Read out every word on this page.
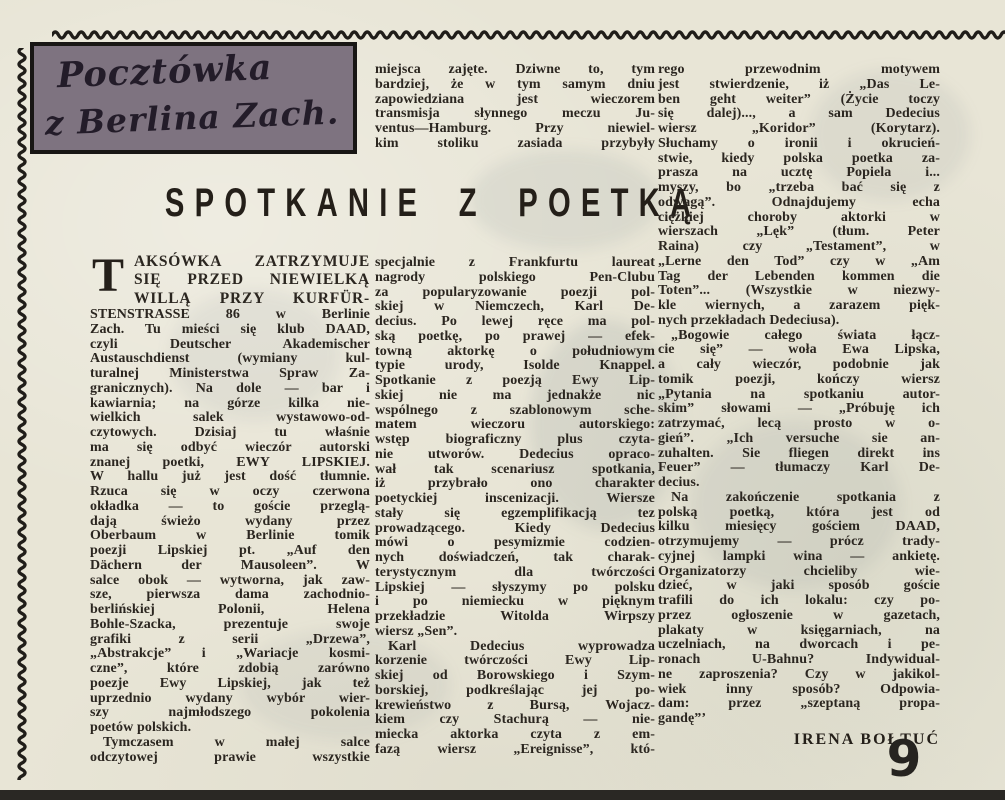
Pocztówka
z Berlina Zach.
SPOTKANIE Z POETKĄ
T AKSÓWKA ZATRZYMUJE
SIĘ PRZED NIEWIELKĄ
WILLĄ PRZY KURFÜR-
STENSTRASSE 86 w Berlinie
Zach. Tu mieści się klub DAAD,
czyli Deutscher Akademischer
Austauschdienst (wymiany kul-
turalnej Ministerstwa Spraw Za-
granicznych). Na dole — bar i
kawiarnia; na górze kilka nie-
wielkich salek wystawowo-od-
czytowych. Dzisiaj tu właśnie
ma się odbyć wieczór autorski
znanej poetki, EWY LIPSKIEJ.
W hallu już jest dość tłumnie.
Rzuca się w oczy czerwona
okładka — to goście przeglą-
dają świeżo wydany przez
Oberbaum w Berlinie tomik
poezji Lipskiej pt. „Auf den
Dächern der Mausoleen”. W
salce obok — wytworna, jak zaw-
sze, pierwsza dama zachodnio-
berlińskiej Polonii, Helena
Bohle-Szacka, prezentuje swoje
grafiki z serii „Drzewa”,
„Abstrakcje” i „Wariacje kosmi-
czne”, które zdobią zarówno
poezje Ewy Lipskiej, jak też
uprzednio wydany wybór wier-
szy najmłodszego pokolenia
poetów polskich.
Tymczasem w małej salce
odczytowej prawie wszystkie
miejsca zajęte. Dziwne to, tym
bardziej, że w tym samym dniu
zapowiedziana jest wieczorem
transmisja słynnego meczu Ju-
ventus—Hamburg. Przy niewiel-
kim stoliku zasiada przybyły
specjalnie z Frankfurtu laureat
nagrody polskiego Pen-Clubu
za popularyzowanie poezji pol-
skiej w Niemczech, Karl De-
decius. Po lewej ręce ma pol-
ską poetkę, po prawej — efek-
towną aktorkę o południowym
typie urody, Isolde Knappel.
Spotkanie z poezją Ewy Lip-
skiej nie ma jednakże nic
wspólnego z szablonowym sche-
matem wieczoru autorskiego:
wstęp biograficzny plus czyta-
nie utworów. Dedecius opraco-
wał tak scenariusz spotkania,
iż przybrało ono charakter
poetyckiej inscenizacji. Wiersze
stały się egzemplifikacją tez
prowadzącego. Kiedy Dedecius
mówi o pesymizmie codzien-
nych doświadczeń, tak charak-
terystycznym dla twórczości
Lipskiej — słyszymy po polsku
i po niemiecku w pięknym
przekładzie Witolda Wirpszy
wiersz „Sen”.
Karl Dedecius wyprowadza
korzenie twórczości Ewy Lip-
skiej od Borowskiego i Szym-
borskiej, podkreślając jej po-
krewieństwo z Bursą, Wojacz-
kiem czy Stachurą — nie-
miecka aktorka czyta z em-
fazą wiersz „Ereignisse”, któ-
rego przewodnim motywem
jest stwierdzenie, iż „Das Le-
ben geht weiter” (Życie toczy
się dalej)..., a sam Dedecius
wiersz „Koridor” (Korytarz).
Słuchamy o ironii i okrucień-
stwie, kiedy polska poetka za-
prasza na ucztę Popiela i...
myszy, bo „trzeba bać się z
odwagą”. Odnajdujemy echa
ciężkiej choroby aktorki w
wierszach „Lęk” (tłum. Peter
Raina) czy „Testament”, w
„Lerne den Tod” czy w „Am
Tag der Lebenden kommen die
Toten”... (Wszystkie w niezwy-
kle wiernych, a zarazem pięk-
nych przekładach Dedeciusa).
„Bogowie całego świata łącz-
cie się” — woła Ewa Lipska,
a cały wieczór, podobnie jak
tomik poezji, kończy wiersz
„Pytania na spotkaniu autor-
skim” słowami — „Próbuję ich
zatrzymać, lecą prosto w o-
gień”. „Ich versuche sie an-
zuhalten. Sie fliegen direkt ins
Feuer” — tłumaczy Karl De-
decius.
Na zakończenie spotkania z
polską poetką, która jest od
kilku miesięcy gościem DAAD,
otrzymujemy — prócz trady-
cyjnej lampki wina — ankietę.
Organizatorzy chcieliby wie-
dzieć, w jaki sposób goście
trafili do ich lokalu: czy po-
przez ogłoszenie w gazetach,
plakaty w księgarniach, na
uczelniach, na dworcach i pe-
ronach U-Bahnu? Indywidual-
ne zaproszenia? Czy w jakikol-
wiek inny sposób? Odpowia-
dam: przez „szeptaną propa-
gandę”’
IRENA BOŁTUĆ
9
